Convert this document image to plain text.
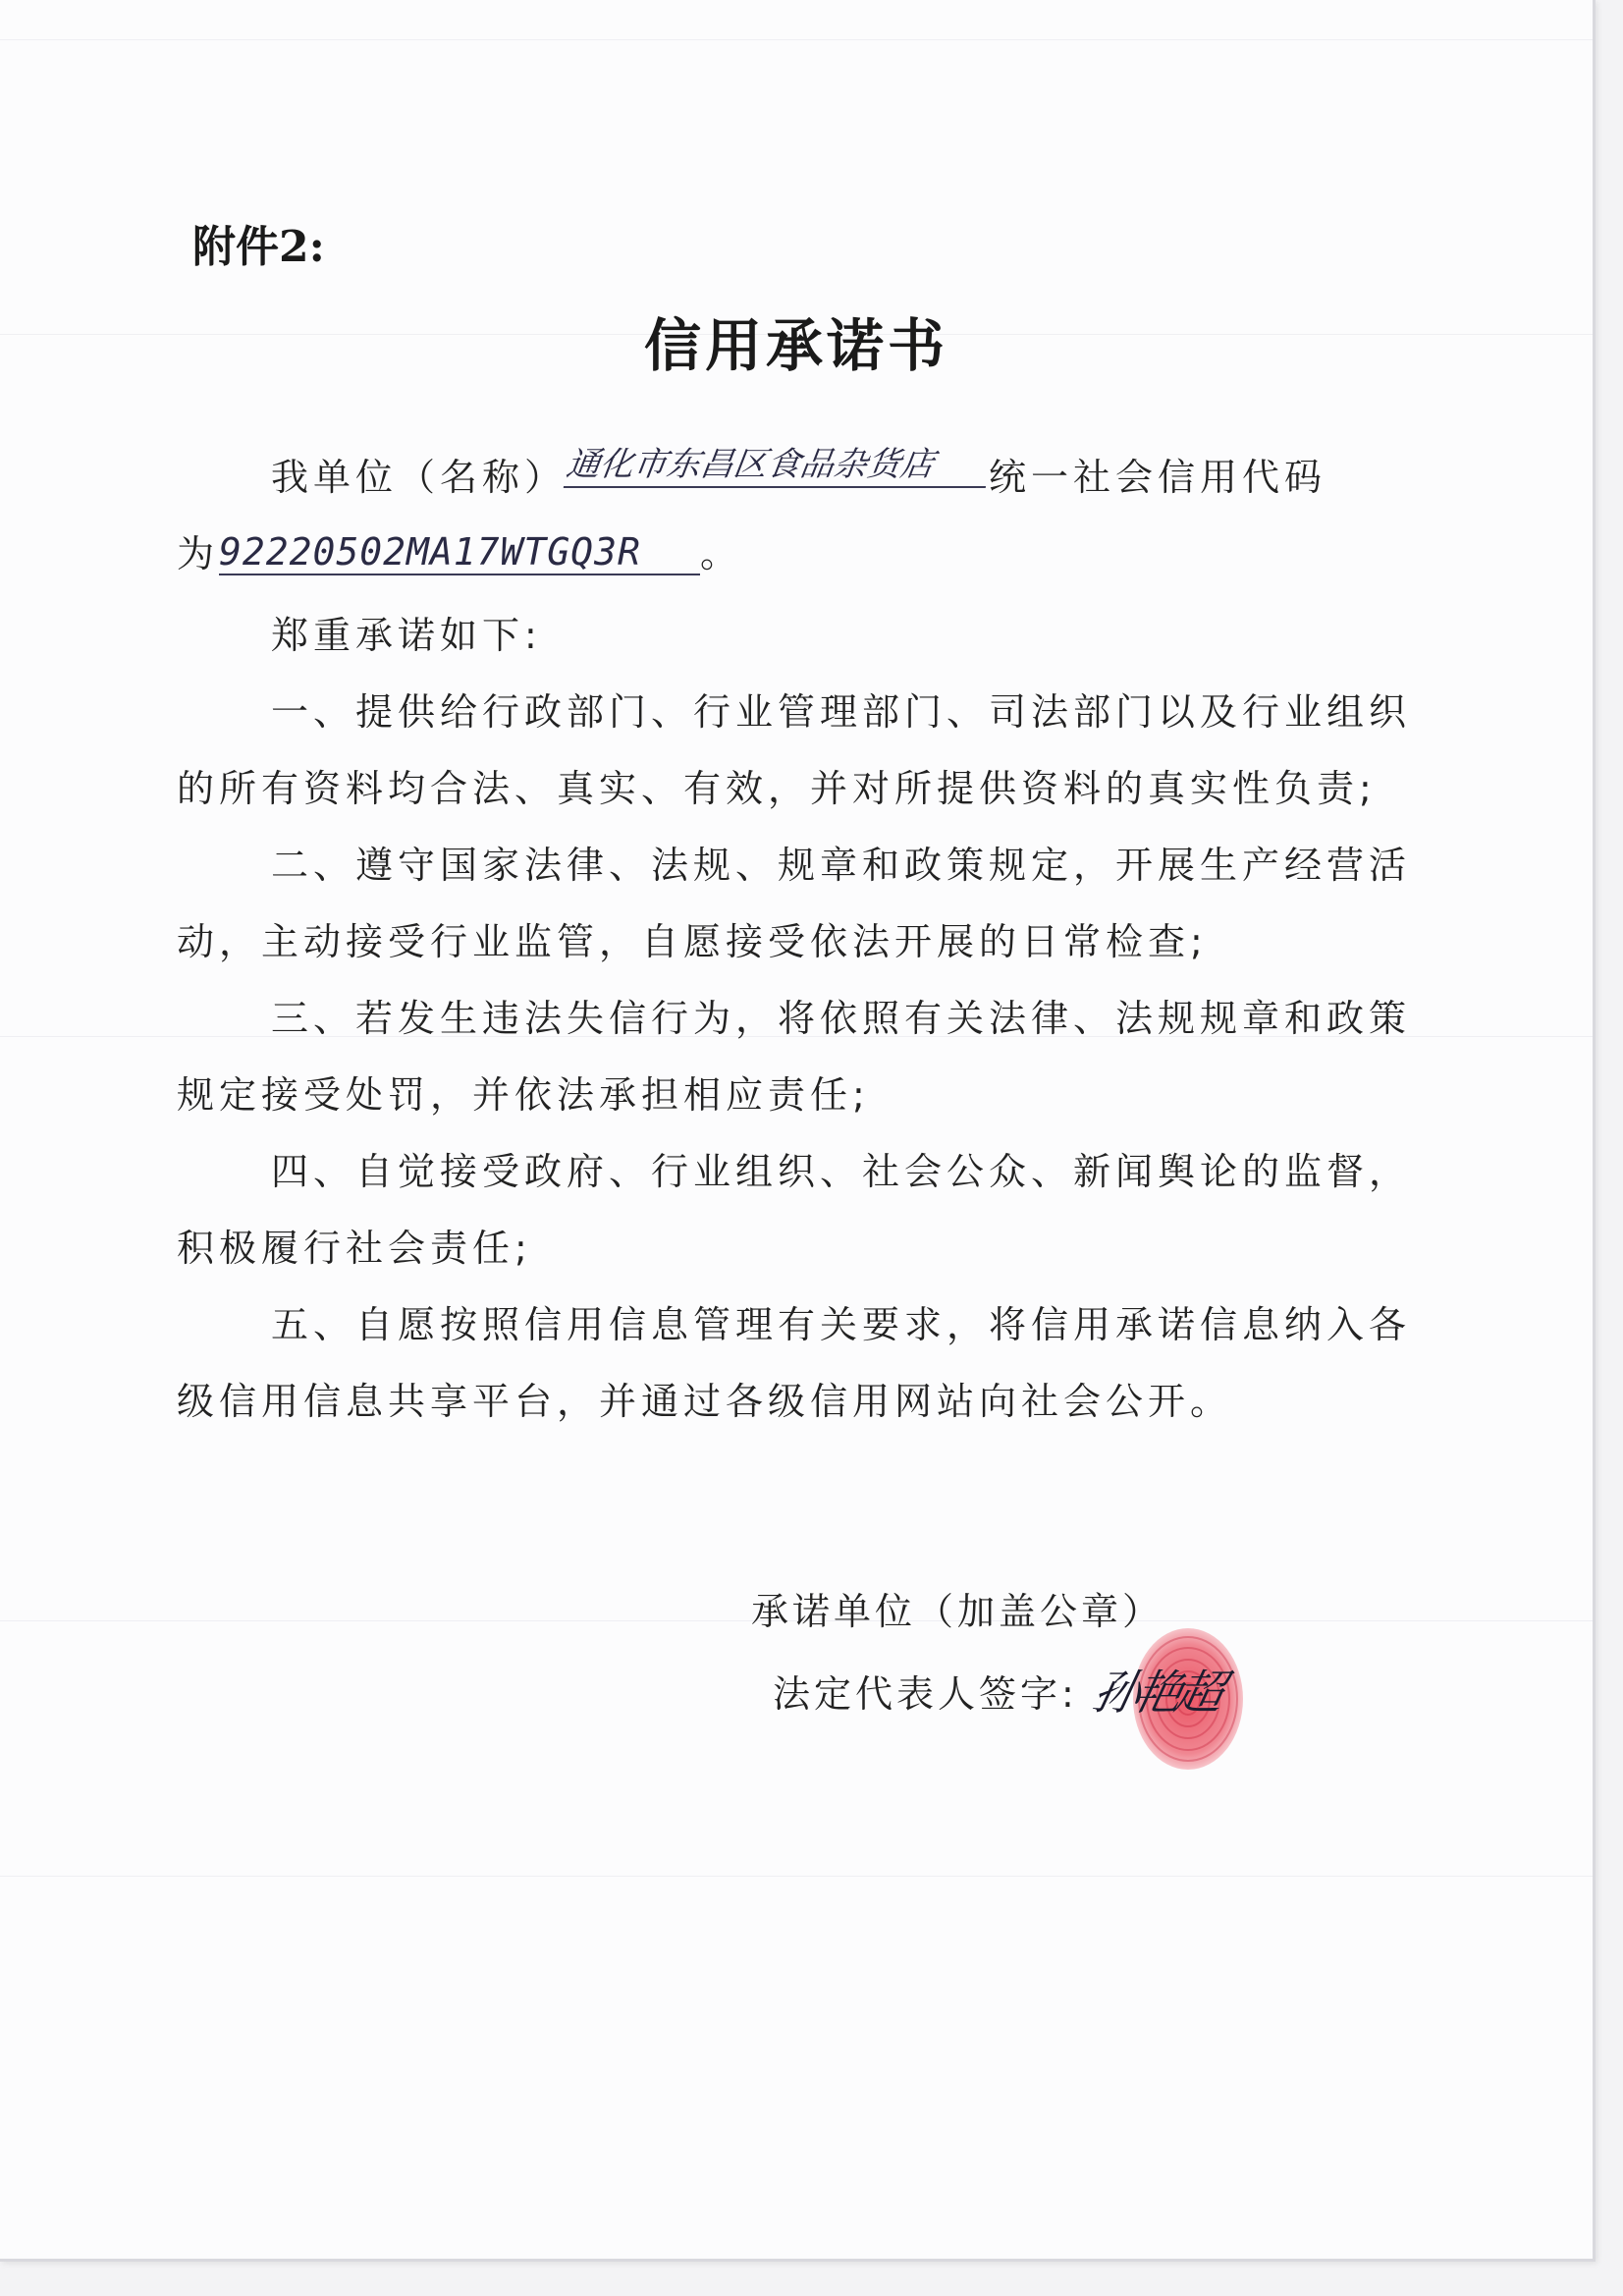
附件2:
信用承诺书
我单位（名称）通化市东昌区食品杂货店 统一社会信用代码
为92220502MA17WTGQ3R 。
郑重承诺如下:
一、提供给行政部门、行业管理部门、司法部门以及行业组织
的所有资料均合法、真实、有效，并对所提供资料的真实性负责;
二、遵守国家法律、法规、规章和政策规定，开展生产经营活
动，主动接受行业监管，自愿接受依法开展的日常检查;
三、若发生违法失信行为，将依照有关法律、法规规章和政策
规定接受处罚，并依法承担相应责任;
四、自觉接受政府、行业组织、社会公众、新闻舆论的监督，
积极履行社会责任;
五、自愿按照信用信息管理有关要求，将信用承诺信息纳入各
级信用信息共享平台，并通过各级信用网站向社会公开。
承诺单位（加盖公章）
法定代表人签字: 孙艳超
